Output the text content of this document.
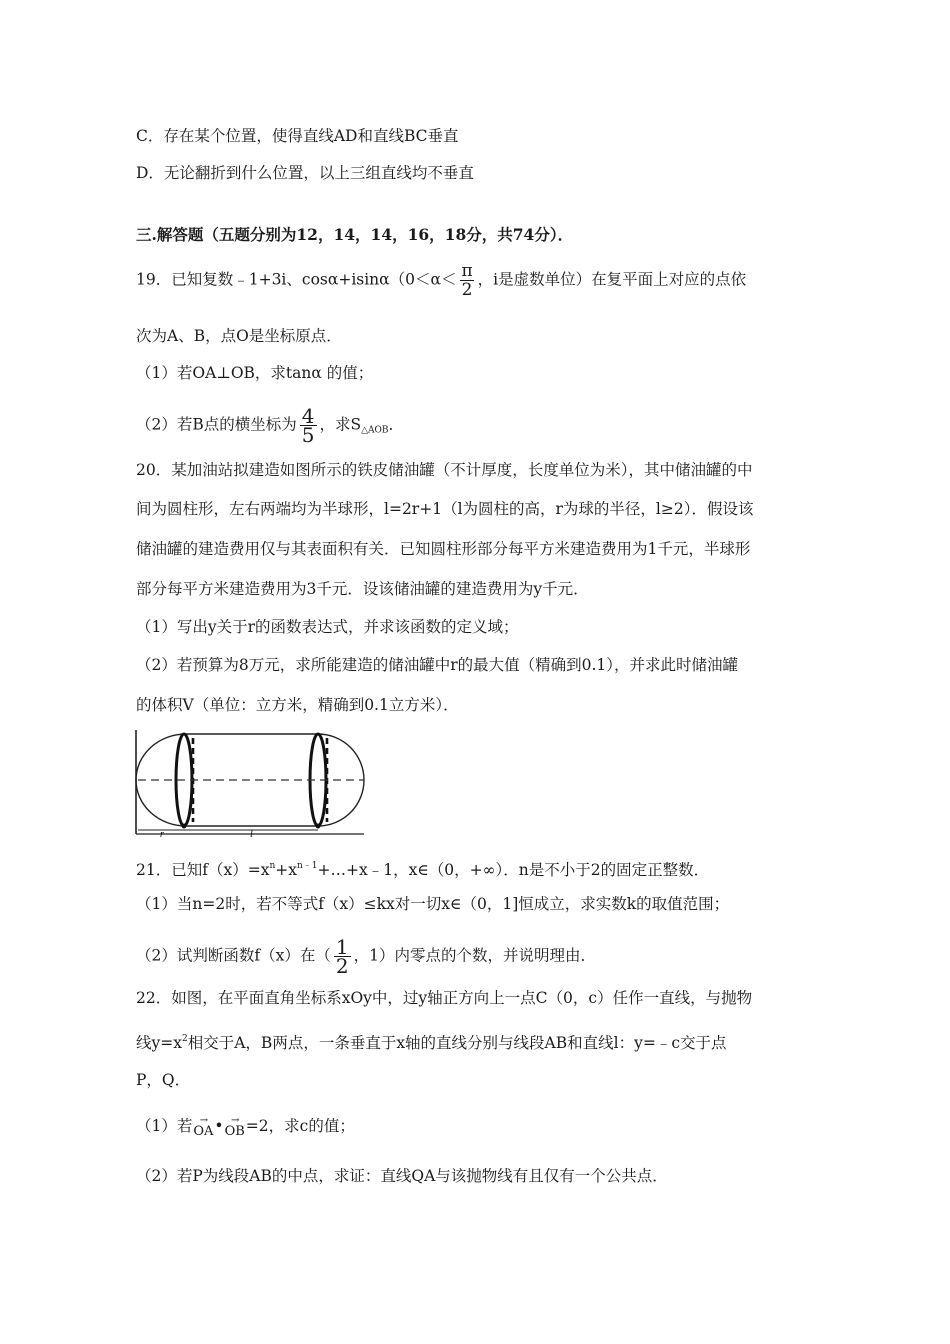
C．存在某个位置，使得直线AD和直线BC垂直
D．无论翻折到什么位置，以上三组直线均不垂直
三.解答题（五题分别为12，14，14，16，18分，共74分）．
19．已知复数﹣1+3i、$\cos\alpha+isin\alpha(0<\alpha< \frac{\pi}{2}$ ，i是虚数单位）在复平面上对应的点依
次为A、B，点O是坐标原点．
（1）若OA⊥OB，求tanα 的值；
（2）若B点的横坐标为 $\frac{4}{5}$ ，求$S_{\triangle AOB}$．
20．某加油站拟建造如图所示的铁皮储油罐（不计厚度，长度单位为米），其中储油罐的中
间为圆柱形，左右两端均为半球形，l=2r+1（l为圆柱的高，r为球的半径，l≥2）．假设该
储油罐的建造费用仅与其表面积有关．已知圆柱形部分每平方米建造费用为1千元，半球形
部分每平方米建造费用为3千元．设该储油罐的建造费用为y千元．
（1）写出y关于r的函数表达式，并求该函数的定义域；
（2）若预算为8万元，求所能建造的储油罐中r的最大值（精确到0.1），并求此时储油罐
的体积V（单位：立方米，精确到0.1立方米）．
r	l
21．已知$f(x)=x^n+x^{n﹣1}+\dots+x﹣1$，x∈（0，+∞）．n是不小于2的固定正整数．
（1）当n=2时，若不等式f（x）≤kx对一切x∈（0，1]恒成立，求实数k的取值范围；
（2）试判断函数f（x）在（ $\frac{1}{2}$ ，1）内零点的个数，并说明理由．
22．如图，在平面直角坐标系xOy中，过y轴正方向上一点C（0，c）任作一直线，与抛物
线$y=x^2$相交于A，B两点，一条垂直于x轴的直线分别与线段AB和直线l：y=﹣c交于点
P，Q．
（1）若 →
OA • →
OB =2，求c的值；
（2）若P为线段AB的中点，求证：直线QA与该抛物线有且仅有一个公共点．
